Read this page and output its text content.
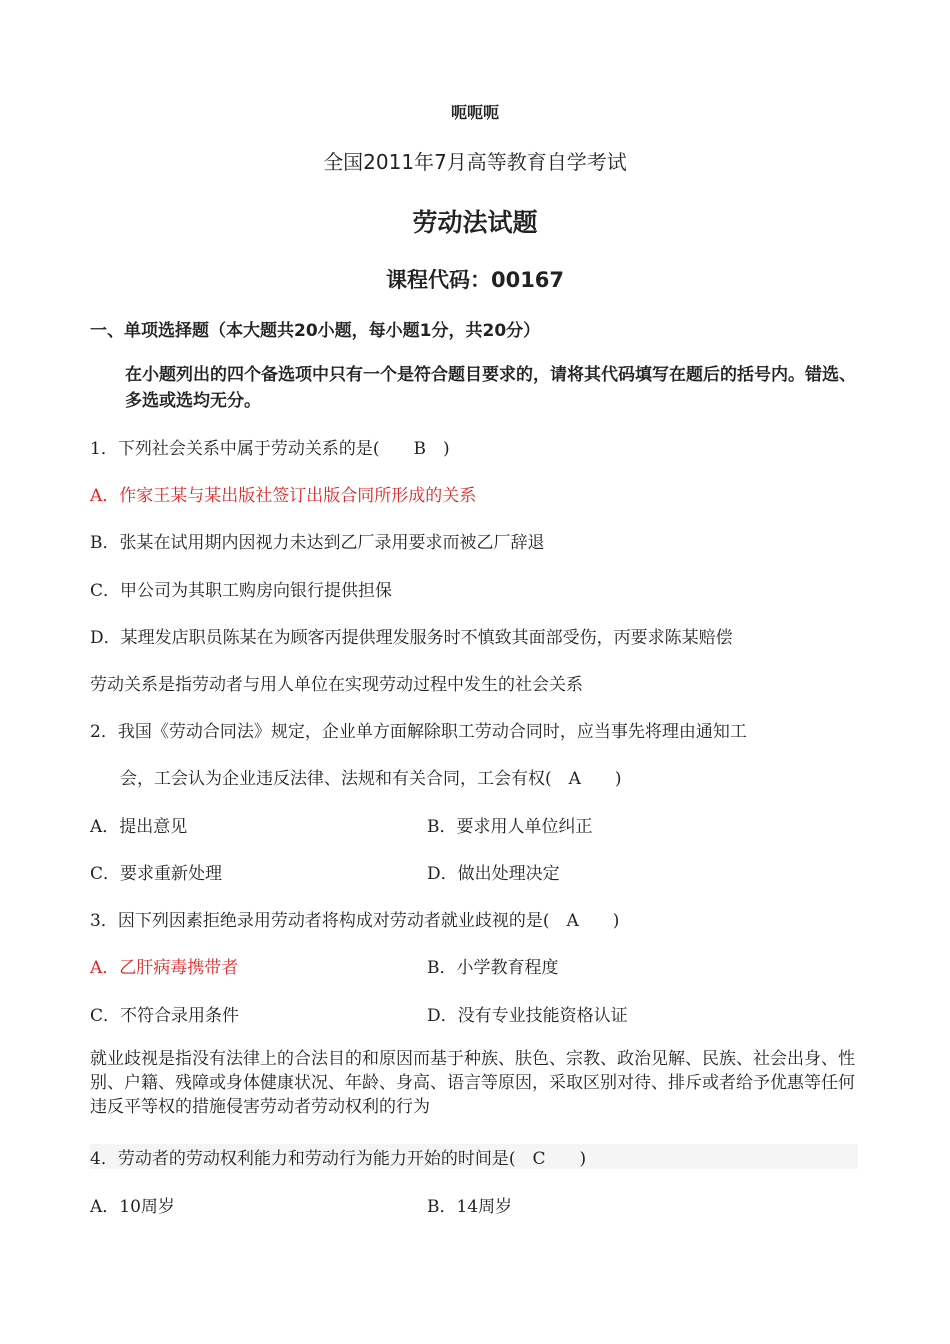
呃呃呃
全国2011年7月高等教育自学考试
劳动法试题
课程代码：00167
一、单项选择题（本大题共20小题，每小题1分，共20分）
在小题列出的四个备选项中只有一个是符合题目要求的，请将其代码填写在题后的括号内。错选、多选或选均无分。
1．下列社会关系中属于劳动关系的是(　　B　)
A．作家王某与某出版社签订出版合同所形成的关系
B．张某在试用期内因视力未达到乙厂录用要求而被乙厂辞退
C．甲公司为其职工购房向银行提供担保
D．某理发店职员陈某在为顾客丙提供理发服务时不慎致其面部受伤，丙要求陈某赔偿
劳动关系是指劳动者与用人单位在实现劳动过程中发生的社会关系
2．我国《劳动合同法》规定，企业单方面解除职工劳动合同时，应当事先将理由通知工
会，工会认为企业违反法律、法规和有关合同，工会有权(　A　　)
A．提出意见	B．要求用人单位纠正
C．要求重新处理	D．做出处理决定
3．因下列因素拒绝录用劳动者将构成对劳动者就业歧视的是(　A　　)
A．乙肝病毒携带者	B．小学教育程度
C．不符合录用条件	D．没有专业技能资格认证
就业歧视是指没有法律上的合法目的和原因而基于种族、肤色、宗教、政治见解、民族、社会出身、性别、户籍、残障或身体健康状况、年龄、身高、语言等原因，采取区别对待、排斥或者给予优惠等任何违反平等权的措施侵害劳动者劳动权利的行为
4．劳动者的劳动权利能力和劳动行为能力开始的时间是(　C　　)
A．10周岁	B．14周岁
